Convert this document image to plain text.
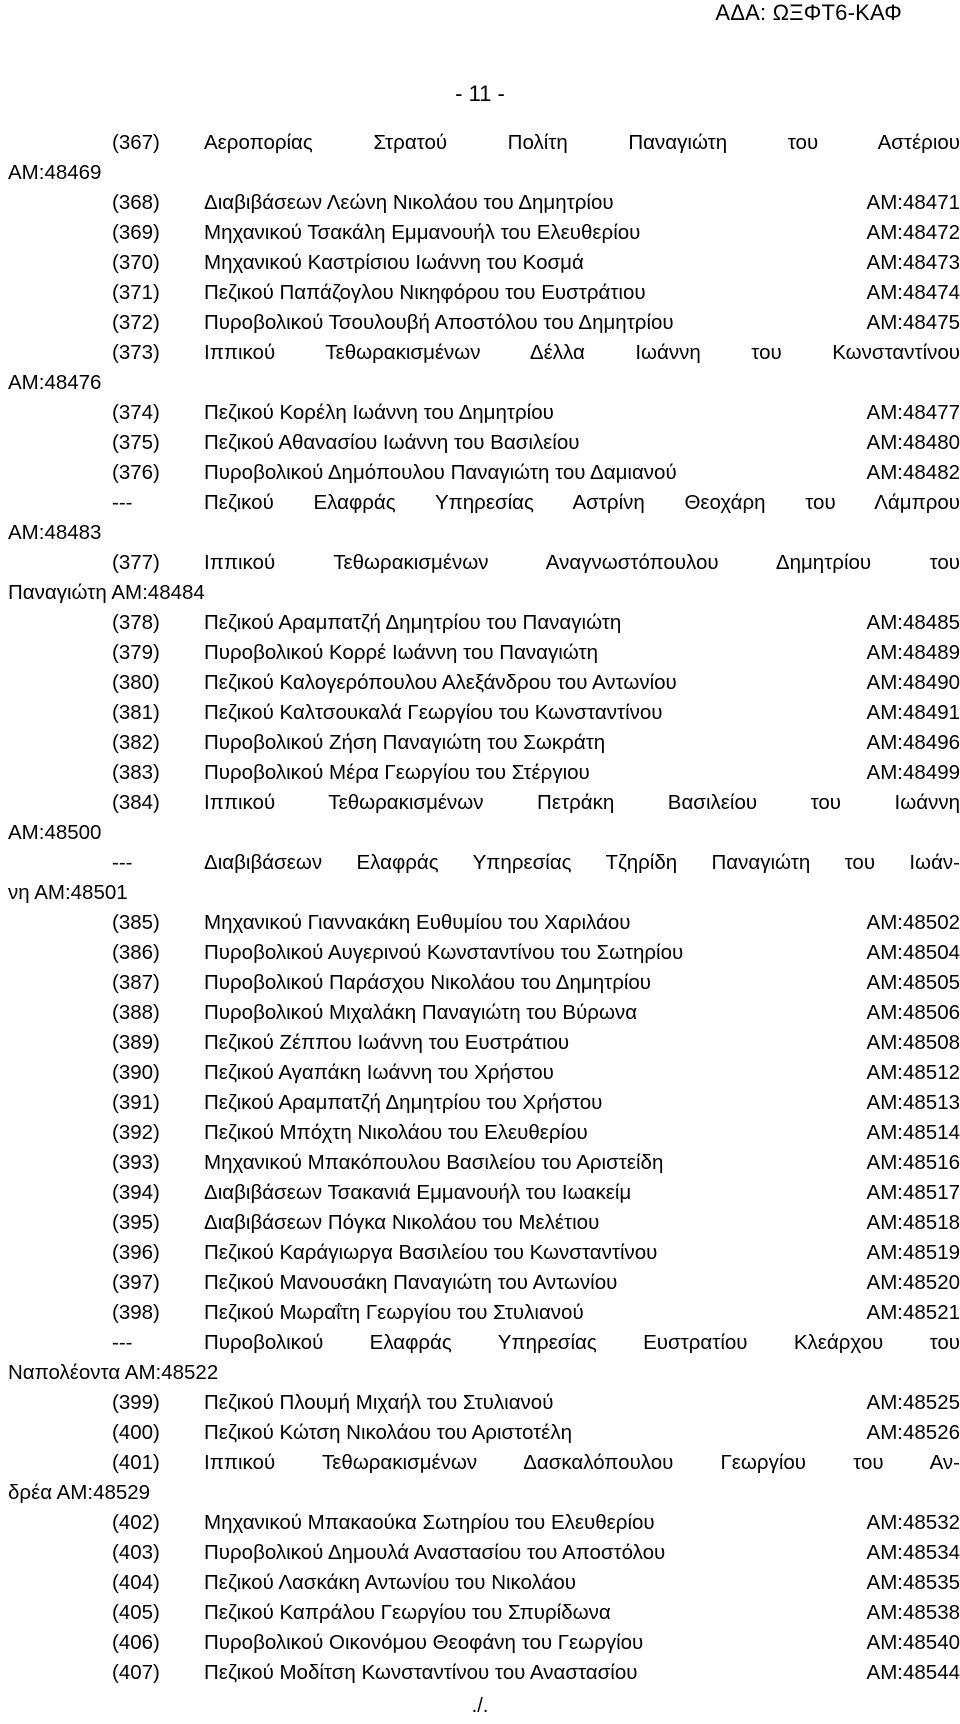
ΑΔΑ: ΩΞΦΤ6-ΚΑΦ
- 11 -
(367) Αεροπορίας Στρατού Πολίτη Παναγιώτη του Αστέριου
ΑΜ:48469
(368) Διαβιβάσεων Λεώνη Νικολάου του Δημητρίου	ΑΜ:48471
(369) Μηχανικού Τσακάλη Εμμανουήλ του Ελευθερίου	ΑΜ:48472
(370) Μηχανικού Καστρίσιου Ιωάννη του Κοσμά	ΑΜ:48473
(371) Πεζικού Παπάζογλου Νικηφόρου του Ευστράτιου	ΑΜ:48474
(372) Πυροβολικού Τσουλουβή Αποστόλου του Δημητρίου	ΑΜ:48475
(373) Ιππικού Τεθωρακισμένων Δέλλα Ιωάννη του Κωνσταντίνου
ΑΜ:48476
(374) Πεζικού Κορέλη Ιωάννη του Δημητρίου	ΑΜ:48477
(375) Πεζικού Αθανασίου Ιωάννη του Βασιλείου	ΑΜ:48480
(376) Πυροβολικού Δημόπουλου Παναγιώτη του Δαμιανού	ΑΜ:48482
---	Πεζικού Ελαφράς Υπηρεσίας Αστρίνη Θεοχάρη του Λάμπρου
ΑΜ:48483
(377) Ιππικού Τεθωρακισμένων Αναγνωστόπουλου Δημητρίου του
Παναγιώτη ΑΜ:48484
(378) Πεζικού Αραμπατζή Δημητρίου του Παναγιώτη	ΑΜ:48485
(379) Πυροβολικού Κορρέ Ιωάννη του Παναγιώτη	ΑΜ:48489
(380) Πεζικού Καλογερόπουλου Αλεξάνδρου του Αντωνίου	ΑΜ:48490
(381) Πεζικού Καλτσουκαλά Γεωργίου του Κωνσταντίνου	ΑΜ:48491
(382) Πυροβολικού Ζήση Παναγιώτη του Σωκράτη	ΑΜ:48496
(383) Πυροβολικού Μέρα Γεωργίου του Στέργιου	ΑΜ:48499
(384) Ιππικού Τεθωρακισμένων Πετράκη Βασιλείου του Ιωάννη
ΑΜ:48500
---	Διαβιβάσεων Ελαφράς Υπηρεσίας Τζηρίδη Παναγιώτη του Ιωάν-
νη ΑΜ:48501
(385) Μηχανικού Γιαννακάκη Ευθυμίου του Χαριλάου	ΑΜ:48502
(386) Πυροβολικού Αυγερινού Κωνσταντίνου του Σωτηρίου	ΑΜ:48504
(387) Πυροβολικού Παράσχου Νικολάου του Δημητρίου	ΑΜ:48505
(388) Πυροβολικού Μιχαλάκη Παναγιώτη του Βύρωνα	ΑΜ:48506
(389) Πεζικού Ζέππου Ιωάννη του Ευστράτιου	ΑΜ:48508
(390) Πεζικού Αγαπάκη Ιωάννη του Χρήστου	ΑΜ:48512
(391) Πεζικού Αραμπατζή Δημητρίου του Χρήστου	ΑΜ:48513
(392) Πεζικού Μπόχτη Νικολάου του Ελευθερίου	ΑΜ:48514
(393) Μηχανικού Μπακόπουλου Βασιλείου του Αριστείδη	ΑΜ:48516
(394) Διαβιβάσεων Τσακανιά Εμμανουήλ του Ιωακείμ	ΑΜ:48517
(395) Διαβιβάσεων Πόγκα Νικολάου του Μελέτιου	ΑΜ:48518
(396) Πεζικού Καράγιωργα Βασιλείου του Κωνσταντίνου	ΑΜ:48519
(397) Πεζικού Μανουσάκη Παναγιώτη του Αντωνίου	ΑΜ:48520
(398) Πεζικού Μωραΐτη Γεωργίου του Στυλιανού	ΑΜ:48521
---	Πυροβολικού Ελαφράς Υπηρεσίας Ευστρατίου Κλεάρχου του
Ναπολέοντα ΑΜ:48522
(399) Πεζικού Πλουμή Μιχαήλ του Στυλιανού	ΑΜ:48525
(400) Πεζικού Κώτση Νικολάου του Αριστοτέλη	ΑΜ:48526
(401) Ιππικού Τεθωρακισμένων Δασκαλόπουλου Γεωργίου του Αν-
δρέα ΑΜ:48529
(402) Μηχανικού Μπακαούκα Σωτηρίου του Ελευθερίου	ΑΜ:48532
(403) Πυροβολικού Δημουλά Αναστασίου του Αποστόλου	ΑΜ:48534
(404) Πεζικού Λασκάκη Αντωνίου του Νικολάου	ΑΜ:48535
(405) Πεζικού Καπράλου Γεωργίου του Σπυρίδωνα	ΑΜ:48538
(406) Πυροβολικού Οικονόμου Θεοφάνη του Γεωργίου	ΑΜ:48540
(407) Πεζικού Μοδίτση Κωνσταντίνου του Αναστασίου	ΑΜ:48544
./.
